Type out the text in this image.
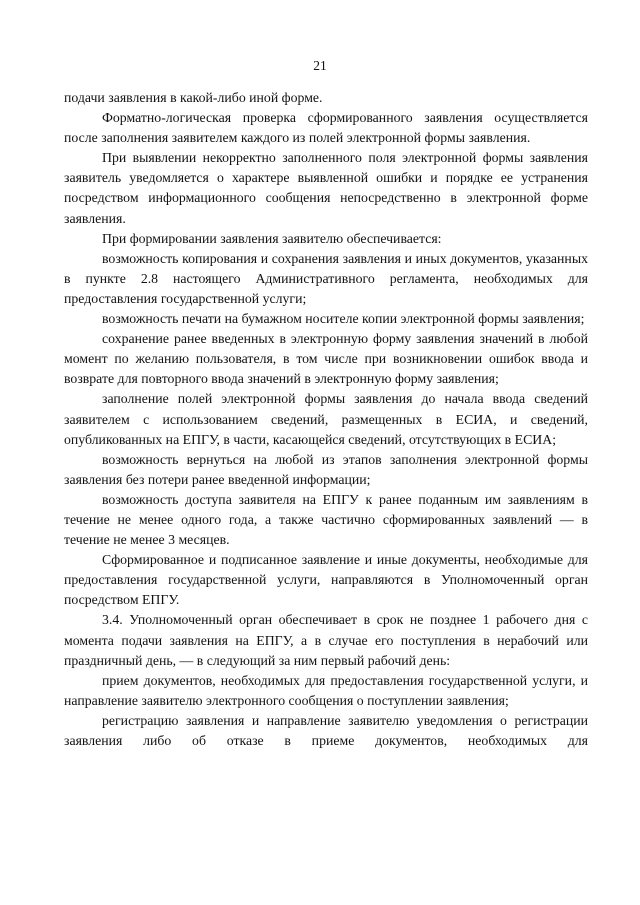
21

подачи заявления в какой-либо иной форме.

Форматно-логическая проверка сформированного заявления осуществляется после заполнения заявителем каждого из полей электронной формы заявления.

При выявлении некорректно заполненного поля электронной формы заявления заявитель уведомляется о характере выявленной ошибки и порядке ее устранения посредством информационного сообщения непосредственно в электронной форме заявления.

При формировании заявления заявителю обеспечивается:

возможность копирования и сохранения заявления и иных документов, указанных в пункте 2.8 настоящего Административного регламента, необходимых для предоставления государственной услуги;

возможность печати на бумажном носителе копии электронной формы заявления;

сохранение ранее введенных в электронную форму заявления значений в любой момент по желанию пользователя, в том числе при возникновении ошибок ввода и возврате для повторного ввода значений в электронную форму заявления;

заполнение полей электронной формы заявления до начала ввода сведений заявителем с использованием сведений, размещенных в ЕСИА, и сведений, опубликованных на ЕПГУ, в части, касающейся сведений, отсутствующих в ЕСИА;

возможность вернуться на любой из этапов заполнения электронной формы заявления без потери ранее введенной информации;

возможность доступа заявителя на ЕПГУ к ранее поданным им заявлениям в течение не менее одного года, а также частично сформированных заявлений — в течение не менее 3 месяцев.

Сформированное и подписанное заявление и иные документы, необходимые для предоставления государственной услуги, направляются в Уполномоченный орган посредством ЕПГУ.

3.4. Уполномоченный орган обеспечивает в срок не позднее 1 рабочего дня с момента подачи заявления на ЕПГУ, а в случае его поступления в нерабочий или праздничный день, — в следующий за ним первый рабочий день:

прием документов, необходимых для предоставления государственной услуги, и направление заявителю электронного сообщения о поступлении заявления;

регистрацию заявления и направление заявителю уведомления о регистрации заявления либо об отказе в приеме документов, необходимых для
